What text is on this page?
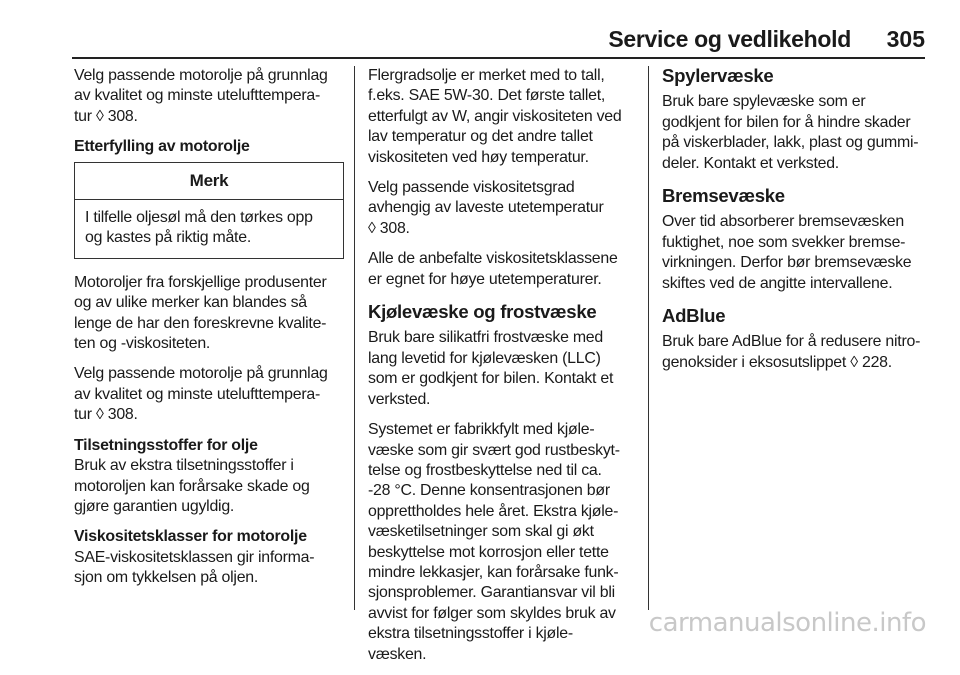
Service og vedlikehold 305

Velg passende motorolje på grunnlag
av kvalitet og minste utelufttempera-
tur ◊ 308.

Etterfylling av motorolje
Merk
I tilfelle oljesøl må den tørkes opp
og kastes på riktig måte.

Motoroljer fra forskjellige produsenter
og av ulike merker kan blandes så
lenge de har den foreskrevne kvalite-
ten og -viskositeten.

Velg passende motorolje på grunnlag
av kvalitet og minste utelufttempera-
tur ◊ 308.

Tilsetningsstoffer for olje

Bruk av ekstra tilsetningsstoffer i
motoroljen kan forårsake skade og
gjøre garantien ugyldig.

Viskositetsklasser for motorolje

SAE-viskositetsklassen gir informa-
sjon om tykkelsen på oljen.

Flergradsolje er merket med to tall,
f.eks. SAE 5W-30. Det første tallet,
etterfulgt av W, angir viskositeten ved
lav temperatur og det andre tallet
viskositeten ved høy temperatur.

Velg passende viskositetsgrad
avhengig av laveste utetemperatur
◊ 308.

Alle de anbefalte viskositetsklassene
er egnet for høye utetemperaturer.

Kjølevæske og frostvæske

Bruk bare silikatfri frostvæske med
lang levetid for kjølevæsken (LLC)
som er godkjent for bilen. Kontakt et
verksted.

Systemet er fabrikkfylt med kjøle-
væske som gir svært god rustbeskyt-
telse og frostbeskyttelse ned til ca.
-28 °C. Denne konsentrasjonen bør
opprettholdes hele året. Ekstra kjøle-
væsketilsetninger som skal gi økt
beskyttelse mot korrosjon eller tette
mindre lekkasjer, kan forårsake funk-
sjonsproblemer. Garantiansvar vil bli
avvist for følger som skyldes bruk av
ekstra tilsetningsstoffer i kjøle-
væsken.

Spylervæske

Bruk bare spylevæske som er
godkjent for bilen for å hindre skader
på viskerblader, lakk, plast og gummi-
deler. Kontakt et verksted.

Bremsevæske

Over tid absorberer bremsevæsken
fuktighet, noe som svekker bremse-
virkningen. Derfor bør bremsevæske
skiftes ved de angitte intervallene.

AdBlue

Bruk bare AdBlue for å redusere nitro-
genoksider i eksosutslippet ◊ 228.

carmanualsonline.info
